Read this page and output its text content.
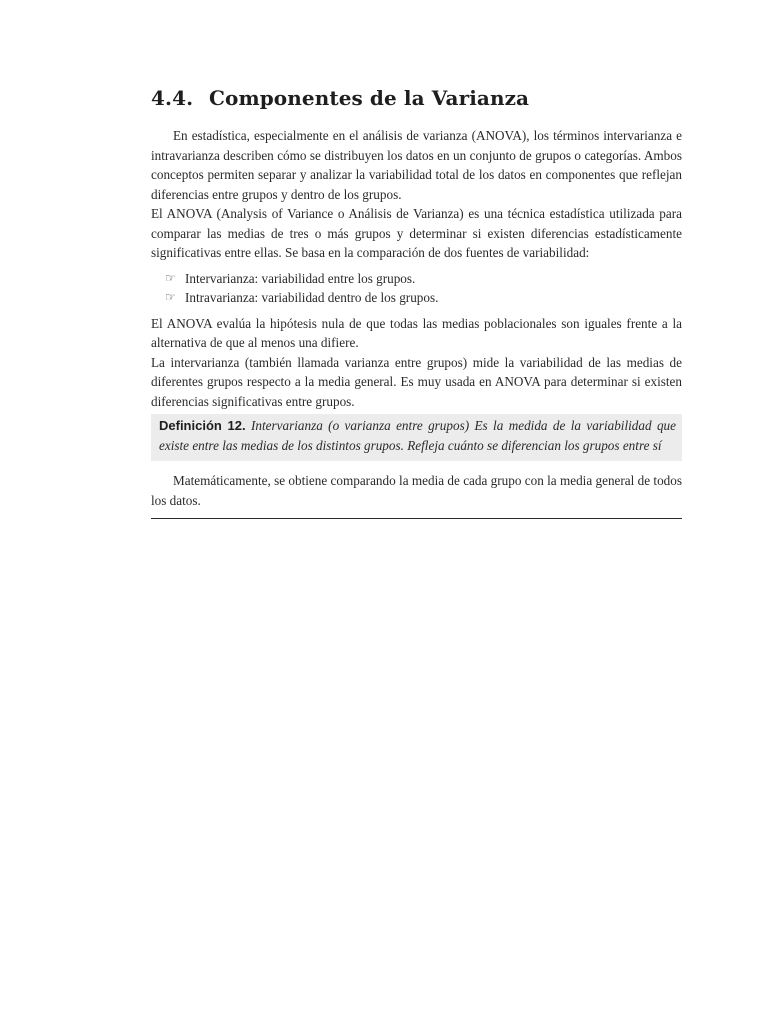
4.4. Componentes de la Varianza

En estadística, especialmente en el análisis de varianza (ANOVA), los términos intervarianza e intravarianza describen cómo se distribuyen los datos en un conjunto de grupos o categorías. Ambos conceptos permiten separar y analizar la variabilidad total de los datos en componentes que reflejan diferencias entre grupos y dentro de los grupos.

El ANOVA (Analysis of Variance o Análisis de Varianza) es una técnica estadística utilizada para comparar las medias de tres o más grupos y determinar si existen diferencias estadísticamente significativas entre ellas. Se basa en la comparación de dos fuentes de variabilidad:

☞ Intervarianza: variabilidad entre los grupos.
☞ Intravarianza: variabilidad dentro de los grupos.

El ANOVA evalúa la hipótesis nula de que todas las medias poblacionales son iguales frente a la alternativa de que al menos una difiere.

La intervarianza (también llamada varianza entre grupos) mide la variabilidad de las medias de diferentes grupos respecto a la media general. Es muy usada en ANOVA para determinar si existen diferencias significativas entre grupos.

Definición 12. Intervarianza (o varianza entre grupos) Es la medida de la variabilidad que existe entre las medias de los distintos grupos. Refleja cuánto se diferencian los grupos entre sí

Matemáticamente, se obtiene comparando la media de cada grupo con la media general de todos los datos.
